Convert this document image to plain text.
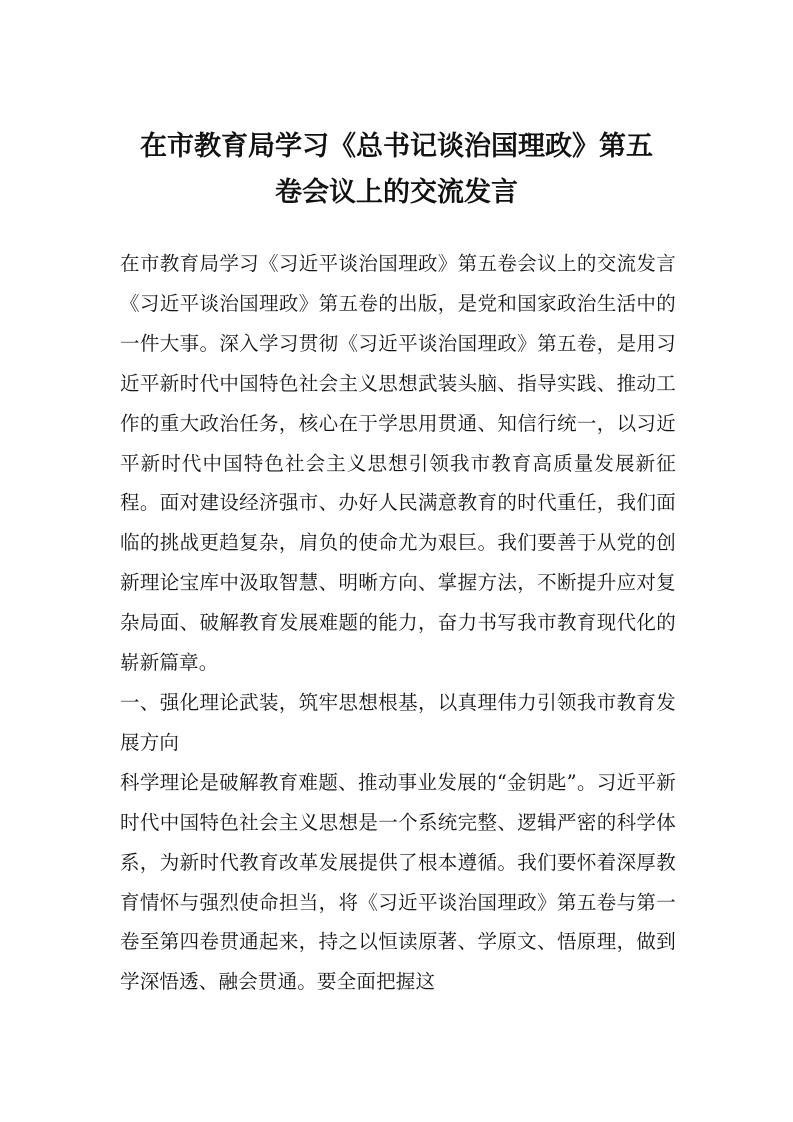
在市教育局学习《总书记谈治国理政》第五
卷会议上的交流发言

在市教育局学习《习近平谈治国理政》第五卷会议上的交流发言《习近平谈治国理政》第五卷的出版，是党和国家政治生活中的一件大事。深入学习贯彻《习近平谈治国理政》第五卷，是用习近平新时代中国特色社会主义思想武装头脑、指导实践、推动工作的重大政治任务，核心在于学思用贯通、知信行统一，以习近平新时代中国特色社会主义思想引领我市教育高质量发展新征程。面对建设经济强市、办好人民满意教育的时代重任，我们面临的挑战更趋复杂，肩负的使命尤为艰巨。我们要善于从党的创新理论宝库中汲取智慧、明晰方向、掌握方法，不断提升应对复杂局面、破解教育发展难题的能力，奋力书写我市教育现代化的崭新篇章。

一、强化理论武装，筑牢思想根基，以真理伟力引领我市教育发展方向

科学理论是破解教育难题、推动事业发展的“金钥匙”。习近平新时代中国特色社会主义思想是一个系统完整、逻辑严密的科学体系，为新时代教育改革发展提供了根本遵循。我们要怀着深厚教育情怀与强烈使命担当，将《习近平谈治国理政》第五卷与第一卷至第四卷贯通起来，持之以恒读原著、学原文、悟原理，做到学深悟透、融会贯通。要全面把握这
